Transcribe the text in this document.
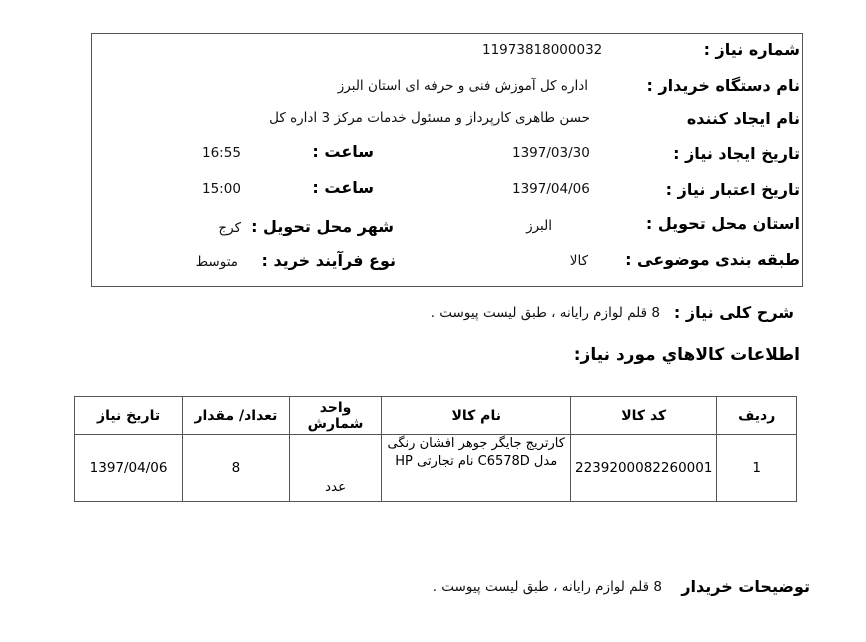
شماره نیاز :
11973818000032
نام دستگاه خریدار :
اداره کل آموزش فنی و حرفه ای استان البرز
نام ایجاد کننده
حسن طاهری کارپرداز و مسئول خدمات مرکز 3 اداره کل
تاریخ ایجاد نیاز :
1397/03/30
ساعت :
16:55
تاریخ اعتبار نیاز :
1397/04/06
ساعت :
15:00
استان محل تحویل :
البرز
شهر محل تحویل :
کرج
طبقه بندی موضوعی :
کالا
نوع فرآیند خرید :
متوسط
شرح کلی نیاز :
8 قلم لوازم رایانه ، طبق لیست پیوست .
اطلاعات کالاهاي مورد نياز:
ردیف	کد کالا	نام کالا	واحد شمارش	تعداد/ مقدار	تاریخ نیاز
1	2239200082260001	کارتریج جایگر جوهر افشان رنگی مدل C6578D نام تجارتی HP	عدد	8	1397/04/06
توضیحات خریدار
8 قلم لوازم رایانه ، طبق لیست پیوست .
